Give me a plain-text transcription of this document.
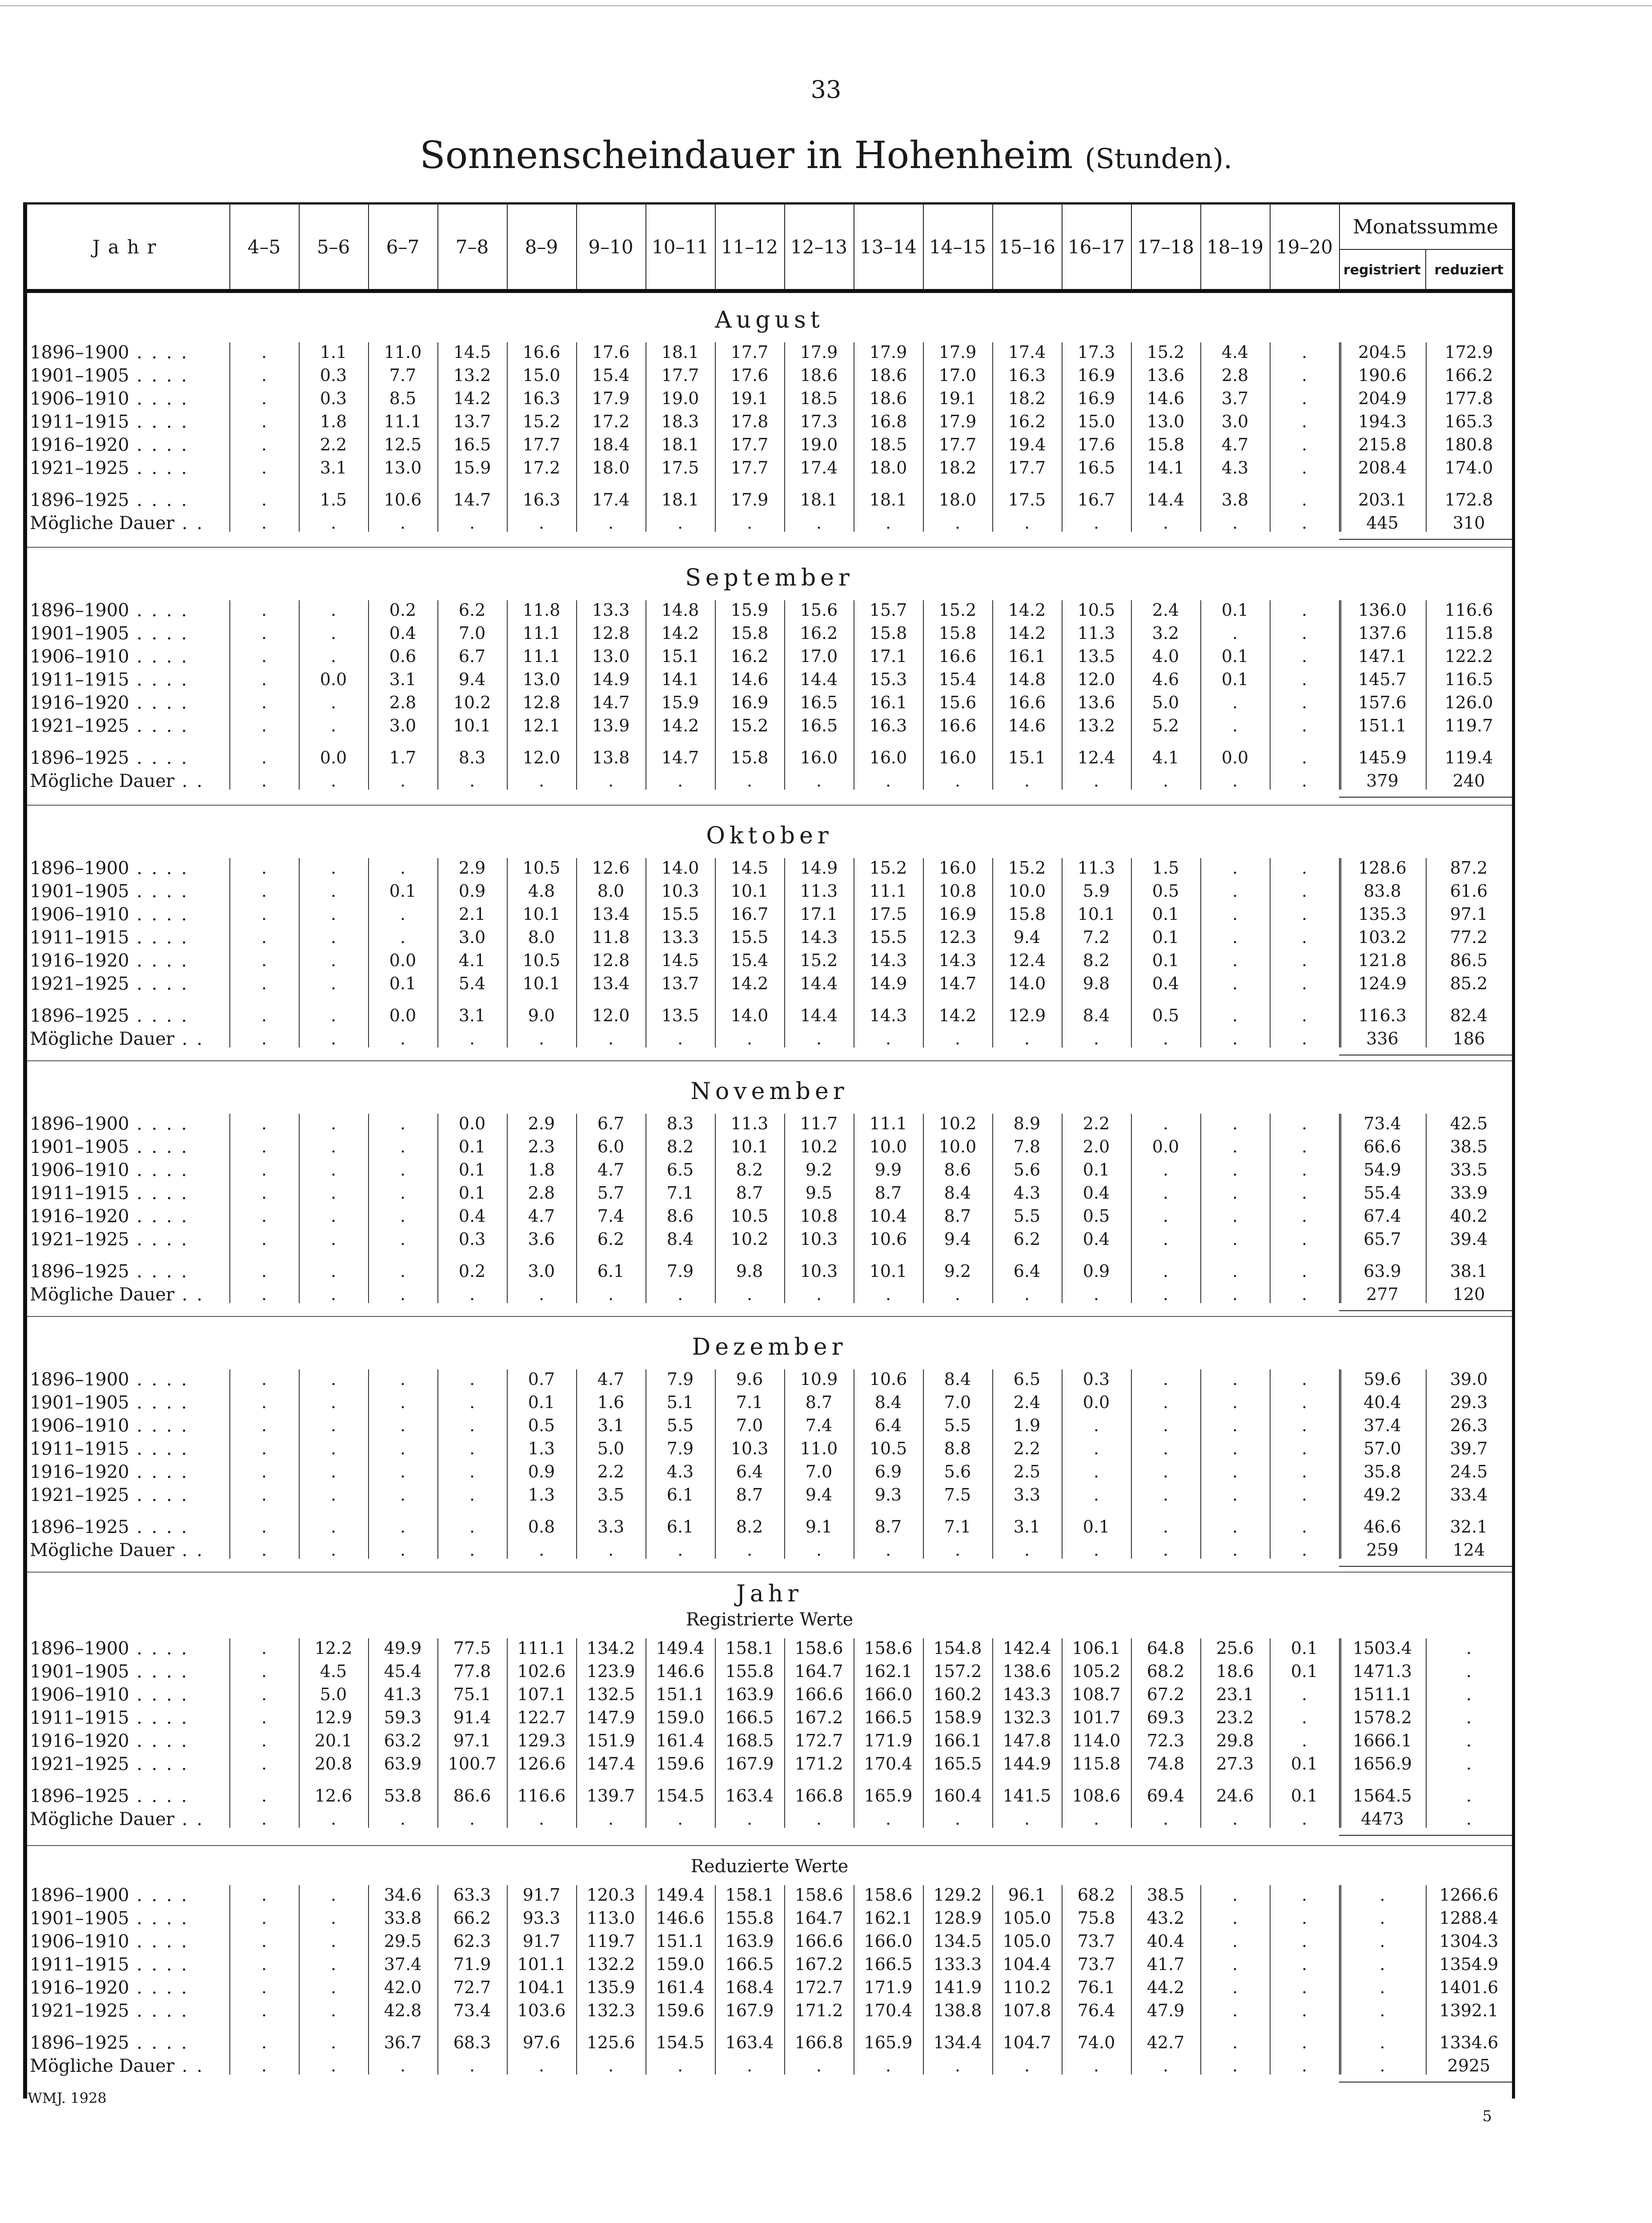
33
Sonnenscheindauer in Hohenheim (Stunden).
Jahr	4–5	5–6	6–7	7–8	8–9	9–10 10–11 11–12 12–13 13–14 14–15 15–16 16–17 17–18 18–19 19–20
Monatssumme
registriert	reduziert
August
1896–1900 . . . .	.	1.1	11.0	14.5	16.6	17.6	18.1	17.7	17.9	17.9	17.9	17.4	17.3	15.2	4.4	.	204.5	172.9
1901–1905 . . . .	.	0.3	7.7	13.2	15.0	15.4	17.7	17.6	18.6	18.6	17.0	16.3	16.9	13.6	2.8	.	190.6	166.2
1906–1910 . . . .	.	0.3	8.5	14.2	16.3	17.9	19.0	19.1	18.5	18.6	19.1	18.2	16.9	14.6	3.7	.	204.9	177.8
1911–1915 . . . .	.	1.8	11.1	13.7	15.2	17.2	18.3	17.8	17.3	16.8	17.9	16.2	15.0	13.0	3.0	.	194.3	165.3
1916–1920 . . . .	.	2.2	12.5	16.5	17.7	18.4	18.1	17.7	19.0	18.5	17.7	19.4	17.6	15.8	4.7	.	215.8	180.8
1921–1925 . . . .	.	3.1	13.0	15.9	17.2	18.0	17.5	17.7	17.4	18.0	18.2	17.7	16.5	14.1	4.3	.	208.4	174.0
1896–1925 . . . .	.	1.5	10.6	14.7	16.3	17.4	18.1	17.9	18.1	18.1	18.0	17.5	16.7	14.4	3.8	.	203.1	172.8
Mögliche Dauer . .	.	.	.	.	.	.	.	.	.	.	.	.	.	.	.	.	445	310
September
1896–1900 . . . .	.	.	0.2	6.2	11.8	13.3	14.8	15.9	15.6	15.7	15.2	14.2	10.5	2.4	0.1	.	136.0	116.6
1901–1905 . . . .	.	.	0.4	7.0	11.1	12.8	14.2	15.8	16.2	15.8	15.8	14.2	11.3	3.2	.	.	137.6	115.8
1906–1910 . . . .	.	.	0.6	6.7	11.1	13.0	15.1	16.2	17.0	17.1	16.6	16.1	13.5	4.0	0.1	.	147.1	122.2
1911–1915 . . . .	.	0.0	3.1	9.4	13.0	14.9	14.1	14.6	14.4	15.3	15.4	14.8	12.0	4.6	0.1	.	145.7	116.5
1916–1920 . . . .	.	.	2.8	10.2	12.8	14.7	15.9	16.9	16.5	16.1	15.6	16.6	13.6	5.0	.	.	157.6	126.0
1921–1925 . . . .	.	.	3.0	10.1	12.1	13.9	14.2	15.2	16.5	16.3	16.6	14.6	13.2	5.2	.	.	151.1	119.7
1896–1925 . . . .	.	0.0	1.7	8.3	12.0	13.8	14.7	15.8	16.0	16.0	16.0	15.1	12.4	4.1	0.0	.	145.9	119.4
Mögliche Dauer . .	.	.	.	.	.	.	.	.	.	.	.	.	.	.	.	.	379	240
Oktober
1896–1900 . . . .	.	.	.	2.9	10.5	12.6	14.0	14.5	14.9	15.2	16.0	15.2	11.3	1.5	.	.	128.6	87.2
1901–1905 . . . .	.	.	0.1	0.9	4.8	8.0	10.3	10.1	11.3	11.1	10.8	10.0	5.9	0.5	.	.	83.8	61.6
1906–1910 . . . .	.	.	.	2.1	10.1	13.4	15.5	16.7	17.1	17.5	16.9	15.8	10.1	0.1	.	.	135.3	97.1
1911–1915 . . . .	.	.	.	3.0	8.0	11.8	13.3	15.5	14.3	15.5	12.3	9.4	7.2	0.1	.	.	103.2	77.2
1916–1920 . . . .	.	.	0.0	4.1	10.5	12.8	14.5	15.4	15.2	14.3	14.3	12.4	8.2	0.1	.	.	121.8	86.5
1921–1925 . . . .	.	.	0.1	5.4	10.1	13.4	13.7	14.2	14.4	14.9	14.7	14.0	9.8	0.4	.	.	124.9	85.2
1896–1925 . . . .	.	.	0.0	3.1	9.0	12.0	13.5	14.0	14.4	14.3	14.2	12.9	8.4	0.5	.	.	116.3	82.4
Mögliche Dauer . .	.	.	.	.	.	.	.	.	.	.	.	.	.	.	.	.	336	186
November
1896–1900 . . . .	.	.	.	0.0	2.9	6.7	8.3	11.3	11.7	11.1	10.2	8.9	2.2	.	.	.	73.4	42.5
1901–1905 . . . .	.	.	.	0.1	2.3	6.0	8.2	10.1	10.2	10.0	10.0	7.8	2.0	0.0	.	.	66.6	38.5
1906–1910 . . . .	.	.	.	0.1	1.8	4.7	6.5	8.2	9.2	9.9	8.6	5.6	0.1	.	.	.	54.9	33.5
1911–1915 . . . .	.	.	.	0.1	2.8	5.7	7.1	8.7	9.5	8.7	8.4	4.3	0.4	.	.	.	55.4	33.9
1916–1920 . . . .	.	.	.	0.4	4.7	7.4	8.6	10.5	10.8	10.4	8.7	5.5	0.5	.	.	.	67.4	40.2
1921–1925 . . . .	.	.	.	0.3	3.6	6.2	8.4	10.2	10.3	10.6	9.4	6.2	0.4	.	.	.	65.7	39.4
1896–1925 . . . .	.	.	.	0.2	3.0	6.1	7.9	9.8	10.3	10.1	9.2	6.4	0.9	.	.	.	63.9	38.1
Mögliche Dauer . .	.	.	.	.	.	.	.	.	.	.	.	.	.	.	.	.	277	120
Dezember
1896–1900 . . . .	.	.	.	.	0.7	4.7	7.9	9.6	10.9	10.6	8.4	6.5	0.3	.	.	.	59.6	39.0
1901–1905 . . . .	.	.	.	.	0.1	1.6	5.1	7.1	8.7	8.4	7.0	2.4	0.0	.	.	.	40.4	29.3
1906–1910 . . . .	.	.	.	.	0.5	3.1	5.5	7.0	7.4	6.4	5.5	1.9	.	.	.	.	37.4	26.3
1911–1915 . . . .	.	.	.	.	1.3	5.0	7.9	10.3	11.0	10.5	8.8	2.2	.	.	.	.	57.0	39.7
1916–1920 . . . .	.	.	.	.	0.9	2.2	4.3	6.4	7.0	6.9	5.6	2.5	.	.	.	.	35.8	24.5
1921–1925 . . . .	.	.	.	.	1.3	3.5	6.1	8.7	9.4	9.3	7.5	3.3	.	.	.	.	49.2	33.4
1896–1925 . . . .	.	.	.	.	0.8	3.3	6.1	8.2	9.1	8.7	7.1	3.1	0.1	.	.	.	46.6	32.1
Mögliche Dauer . .	.	.	.	.	.	.	.	.	.	.	.	.	.	.	.	.	259	124
Jahr
Registrierte Werte
1896–1900 . . . .	.	12.2	49.9	77.5	111.1	134.2	149.4	158.1	158.6	158.6	154.8	142.4	106.1	64.8	25.6	0.1	1503.4	.
1901–1905 . . . .	.	4.5	45.4	77.8	102.6	123.9	146.6	155.8	164.7	162.1	157.2	138.6	105.2	68.2	18.6	0.1	1471.3	.
1906–1910 . . . .	.	5.0	41.3	75.1	107.1	132.5	151.1	163.9	166.6	166.0	160.2	143.3	108.7	67.2	23.1	.	1511.1	.
1911–1915 . . . .	.	12.9	59.3	91.4	122.7	147.9	159.0	166.5	167.2	166.5	158.9	132.3	101.7	69.3	23.2	.	1578.2	.
1916–1920 . . . .	.	20.1	63.2	97.1	129.3	151.9	161.4	168.5	172.7	171.9	166.1	147.8	114.0	72.3	29.8	.	1666.1	.
1921–1925 . . . .	.	20.8	63.9	100.7	126.6	147.4	159.6	167.9	171.2	170.4	165.5	144.9	115.8	74.8	27.3	0.1	1656.9	.
1896–1925 . . . .	.	12.6	53.8	86.6	116.6	139.7	154.5	163.4	166.8	165.9	160.4	141.5	108.6	69.4	24.6	0.1	1564.5	.
Mögliche Dauer . .	.	.	.	.	.	.	.	.	.	.	.	.	.	.	.	.	4473	.
Reduzierte Werte
1896–1900 . . . .	.	.	34.6	63.3	91.7	120.3	149.4	158.1	158.6	158.6	129.2	96.1	68.2	38.5	.	.	.	1266.6
1901–1905 . . . .	.	.	33.8	66.2	93.3	113.0	146.6	155.8	164.7	162.1	128.9	105.0	75.8	43.2	.	.	.	1288.4
1906–1910 . . . .	.	.	29.5	62.3	91.7	119.7	151.1	163.9	166.6	166.0	134.5	105.0	73.7	40.4	.	.	.	1304.3
1911–1915 . . . .	.	.	37.4	71.9	101.1	132.2	159.0	166.5	167.2	166.5	133.3	104.4	73.7	41.7	.	.	.	1354.9
1916–1920 . . . .	.	.	42.0	72.7	104.1	135.9	161.4	168.4	172.7	171.9	141.9	110.2	76.1	44.2	.	.	.	1401.6
1921–1925 . . . .	.	.	42.8	73.4	103.6	132.3	159.6	167.9	171.2	170.4	138.8	107.8	76.4	47.9	.	.	.	1392.1
1896–1925 . . . .	.	.	36.7	68.3	97.6	125.6	154.5	163.4	166.8	165.9	134.4	104.7	74.0	42.7	.	.	.	1334.6
Mögliche Dauer . .	.	.	.	.	.	.	.	.	.	.	.	.	.	.	.	.	.	2925
WMJ. 1928
5
